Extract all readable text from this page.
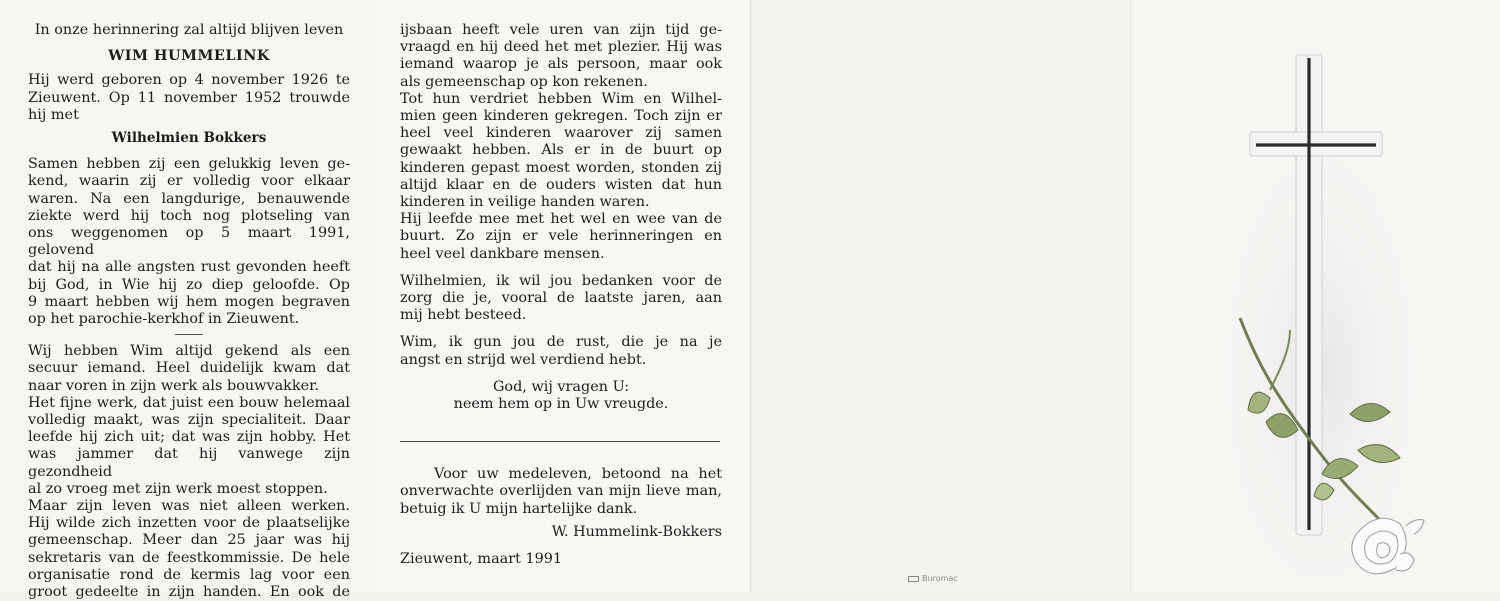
In onze herinnering zal altijd blijven leven

WIM HUMMELINK

Hij werd geboren op 4 november 1926 te

Zieuwent. Op 11 november 1952 trouwde

hij met

Wilhelmien Bokkers

Samen hebben zij een gelukkig leven ge-

kend, waarin zij er volledig voor elkaar

waren. Na een langdurige, benauwende

ziekte werd hij toch nog plotseling van

ons weggenomen op 5 maart 1991, gelovend

dat hij na alle angsten rust gevonden heeft

bij God, in Wie hij zo diep geloofde. Op

9 maart hebben wij hem mogen begraven

op het parochie-kerkhof in Zieuwent.

Wij hebben Wim altijd gekend als een

secuur iemand. Heel duidelijk kwam dat

naar voren in zijn werk als bouwvakker.

Het fijne werk, dat juist een bouw helemaal

volledig maakt, was zijn specialiteit. Daar

leefde hij zich uit; dat was zijn hobby. Het

was jammer dat hij vanwege zijn gezondheid

al zo vroeg met zijn werk moest stoppen.

Maar zijn leven was niet alleen werken.

Hij wilde zich inzetten voor de plaatselijke

gemeenschap. Meer dan 25 jaar was hij

sekretaris van de feestkommissie. De hele

organisatie rond de kermis lag voor een

groot gedeelte in zijn handen. En ook de

ijsbaan heeft vele uren van zijn tijd ge-

vraagd en hij deed het met plezier. Hij was

iemand waarop je als persoon, maar ook

als gemeenschap op kon rekenen.

Tot hun verdriet hebben Wim en Wilhel-

mien geen kinderen gekregen. Toch zijn er

heel veel kinderen waarover zij samen

gewaakt hebben. Als er in de buurt op

kinderen gepast moest worden, stonden zij

altijd klaar en de ouders wisten dat hun

kinderen in veilige handen waren.

Hij leefde mee met het wel en wee van de

buurt. Zo zijn er vele herinneringen en

heel veel dankbare mensen.

Wilhelmien, ik wil jou bedanken voor de

zorg die je, vooral de laatste jaren, aan

mij hebt besteed.

Wim, ik gun jou de rust, die je na je

angst en strijd wel verdiend hebt.

God, wij vragen U:

neem hem op in Uw vreugde.

Voor uw medeleven, betoond na het

onverwachte overlijden van mijn lieve man,

betuig ik U mijn hartelijke dank.

W. Hummelink-Bokkers

Zieuwent, maart 1991

Buromac
